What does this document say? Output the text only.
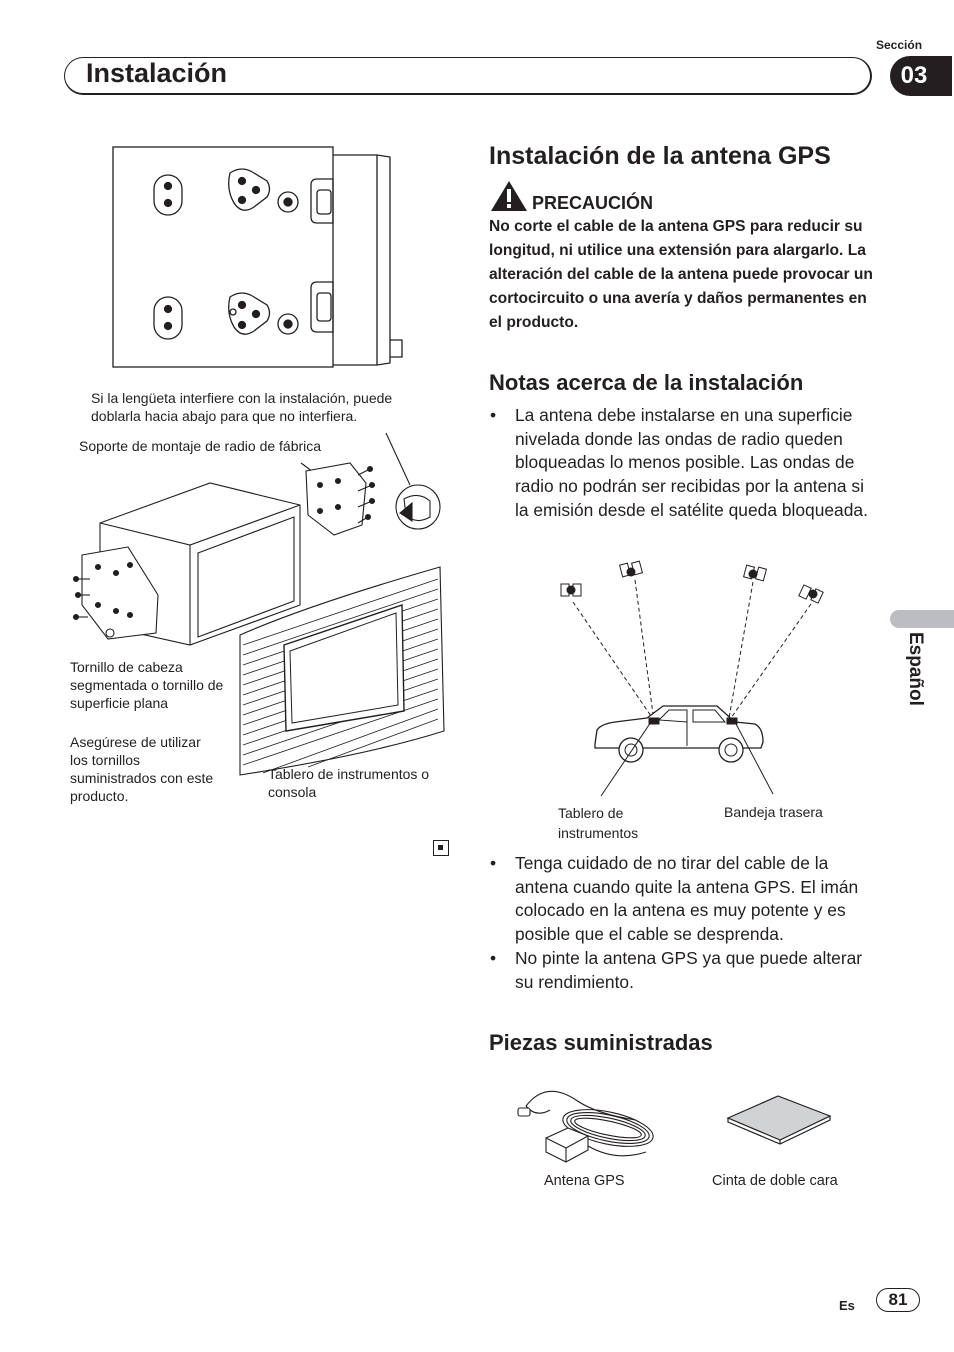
Sección
Instalación	03
Español
Si la lengüeta interfiere con la instalación, puede doblarla hacia abajo para que no interfiera.
Soporte de montaje de radio de fábrica
Tornillo de cabeza segmentada o tornillo de superficie plana
Asegúrese de utilizar los tornillos suministrados con este producto.
Tablero de instrumentos o consola
Instalación de la antena GPS
PRECAUCIÓN
No corte el cable de la antena GPS para reducir su longitud, ni utilice una extensión para alargarlo. La alteración del cable de la antena puede provocar un cortocircuito o una avería y daños permanentes en el producto.
Notas acerca de la instalación
• La antena debe instalarse en una superficie nivelada donde las ondas de radio queden bloqueadas lo menos posible. Las ondas de radio no podrán ser recibidas por la antena si la emisión desde el satélite queda bloqueada.
Tablero de instrumentos
Bandeja trasera
• Tenga cuidado de no tirar del cable de la antena cuando quite la antena GPS. El imán colocado en la antena es muy potente y es posible que el cable se desprenda.
• No pinte la antena GPS ya que puede alterar su rendimiento.
Piezas suministradas
Antena GPS	Cinta de doble cara
Es	81
